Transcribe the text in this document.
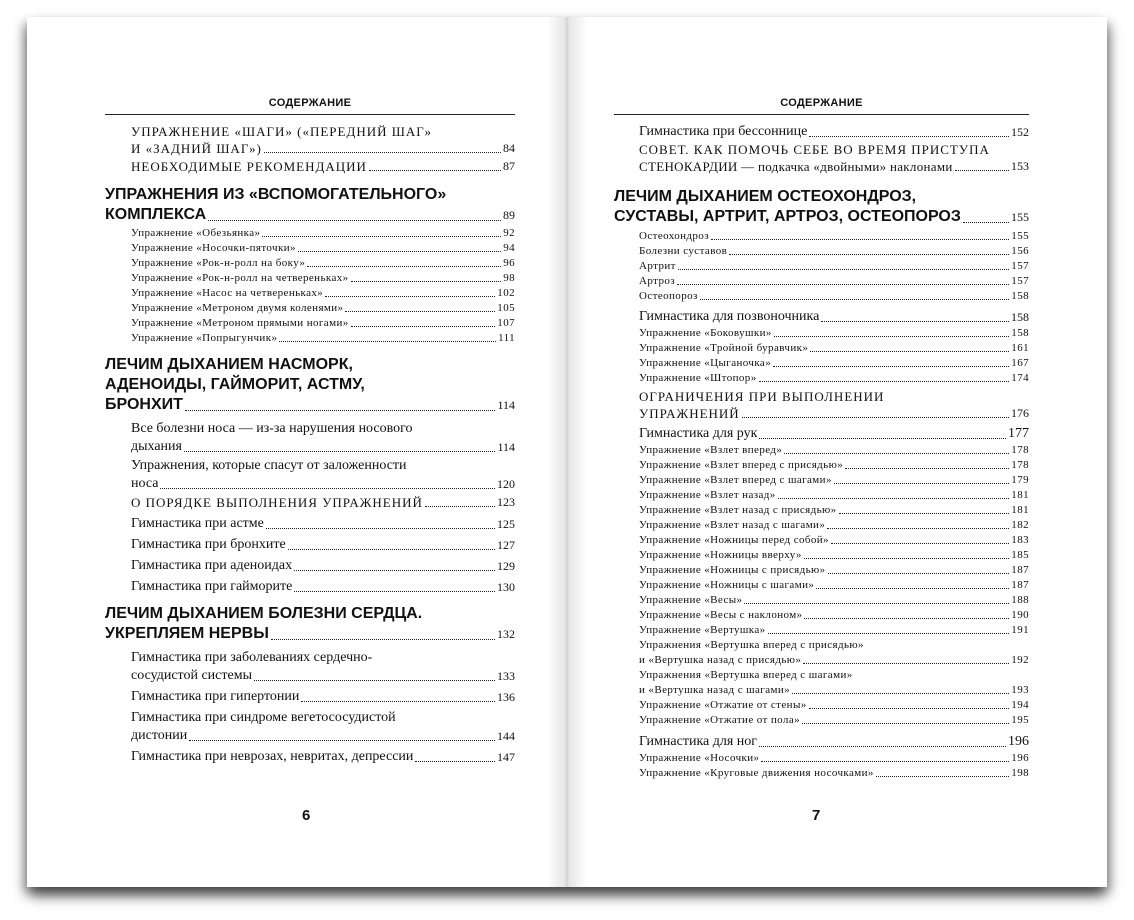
СОДЕРЖАНИЕ
УПРАЖНЕНИЕ «ШАГИ» («ПЕРЕДНИЙ ШАГ»
И «ЗАДНИЙ ШАГ»)	84
НЕОБХОДИМЫЕ РЕКОМЕНДАЦИИ	87
УПРАЖНЕНИЯ ИЗ «ВСПОМОГАТЕЛЬНОГО»
КОМПЛЕКСА	89
Упражнение «Обезьянка»	92
Упражнение «Носочки-пяточки»	94
Упражнение «Рок-н-ролл на боку»	96
Упражнение «Рок-н-ролл на четвереньках»	98
Упражнение «Насос на четвереньках»	102
Упражнение «Метроном двумя коленями»	105
Упражнение «Метроном прямыми ногами»	107
Упражнение «Попрыгунчик»	111
ЛЕЧИМ ДЫХАНИЕМ НАСМОРК,
АДЕНОИДЫ, ГАЙМОРИТ, АСТМУ,
БРОНХИТ	114
Все болезни носа — из-за нарушения носового
дыхания	114
Упражнения, которые спасут от заложенности
носа	120
О ПОРЯДКЕ ВЫПОЛНЕНИЯ УПРАЖНЕНИЙ	123
Гимнастика при астме	125
Гимнастика при бронхите	127
Гимнастика при аденоидах	129
Гимнастика при гайморите	130
ЛЕЧИМ ДЫХАНИЕМ БОЛЕЗНИ СЕРДЦА.
УКРЕПЛЯЕМ НЕРВЫ	132
Гимнастика при заболеваниях сердечно-
сосудистой системы	133
Гимнастика при гипертонии	136
Гимнастика при синдроме вегетососудистой
дистонии	144
Гимнастика при неврозах, невритах, депрессии	147
6
СОДЕРЖАНИЕ
Гимнастика при бессоннице	152
СОВЕТ. КАК ПОМОЧЬ СЕБЕ ВО ВРЕМЯ ПРИСТУПА
СТЕНОКАРДИИ — подкачка «двойными» наклонами	153
ЛЕЧИМ ДЫХАНИЕМ ОСТЕОХОНДРОЗ,
СУСТАВЫ, АРТРИТ, АРТРОЗ, ОСТЕОПОРОЗ	155
Остеохондроз	155
Болезни суставов	156
Артрит	157
Артроз	157
Остеопороз	158
Гимнастика для позвоночника	158
Упражнение «Боковушки»	158
Упражнение «Тройной буравчик»	161
Упражнение «Цыганочка»	167
Упражнение «Штопор»	174
ОГРАНИЧЕНИЯ ПРИ ВЫПОЛНЕНИИ
УПРАЖНЕНИЙ	176
Гимнастика для рук	177
Упражнение «Взлет вперед»	178
Упражнение «Взлет вперед с присядью»	178
Упражнение «Взлет вперед с шагами»	179
Упражнение «Взлет назад»	181
Упражнение «Взлет назад с присядью»	181
Упражнение «Взлет назад с шагами»	182
Упражнение «Ножницы перед собой»	183
Упражнение «Ножницы вверху»	185
Упражнение «Ножницы с присядью»	187
Упражнение «Ножницы с шагами»	187
Упражнение «Весы»	188
Упражнение «Весы с наклоном»	190
Упражнение «Вертушка»	191
Упражнения «Вертушка вперед с присядью»
и «Вертушка назад с присядью»	192
Упражнения «Вертушка вперед с шагами»
и «Вертушка назад с шагами»	193
Упражнение «Отжатие от стены»	194
Упражнение «Отжатие от пола»	195
Гимнастика для ног	196
Упражнение «Носочки»	196
Упражнение «Круговые движения носочками»	198
7
